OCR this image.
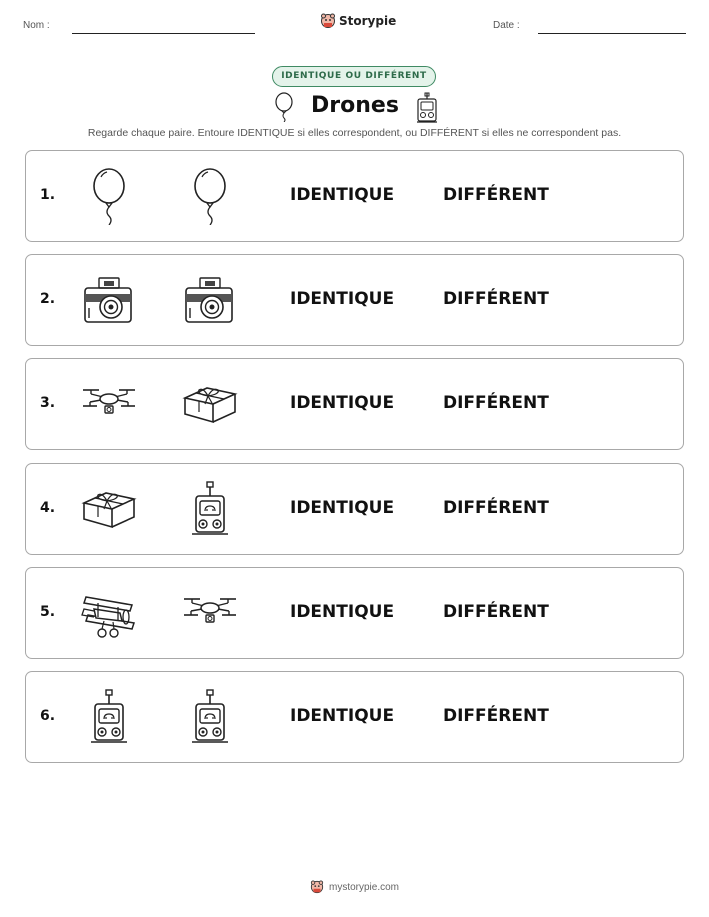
Nom :	Storypie	Date :
IDENTIQUE OU DIFFÉRENT
Drones
Regarde chaque paire. Entoure IDENTIQUE si elles correspondent, ou DIFFÉRENT si elles ne correspondent pas.
1.	IDENTIQUE	DIFFÉRENT
2.	IDENTIQUE	DIFFÉRENT
3.	IDENTIQUE	DIFFÉRENT
4.	IDENTIQUE	DIFFÉRENT
5.	IDENTIQUE	DIFFÉRENT
6.	IDENTIQUE	DIFFÉRENT
mystorypie.com
